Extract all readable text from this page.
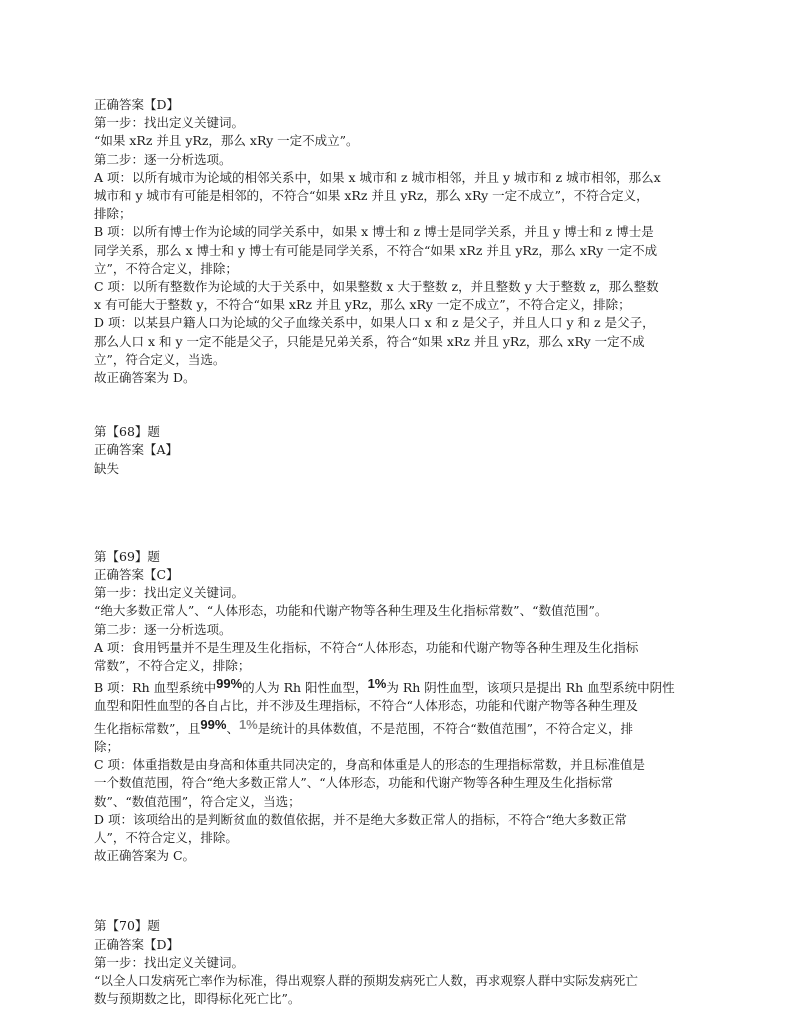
正确答案【D】
第一步：找出定义关键词。
“如果 xRz 并且 yRz，那么 xRy 一定不成立”。
第二步：逐一分析选项。
A 项：以所有城市为论域的相邻关系中，如果 x 城市和 z 城市相邻，并且 y 城市和 z 城市相邻，那么x
城市和 y 城市有可能是相邻的，不符合“如果 xRz 并且 yRz，那么 xRy 一定不成立”，不符合定义，
排除；
B 项：以所有博士作为论域的同学关系中，如果 x 博士和 z 博士是同学关系，并且 y 博士和 z 博士是
同学关系，那么 x 博士和 y 博士有可能是同学关系，不符合“如果 xRz 并且 yRz，那么 xRy 一定不成
立”，不符合定义，排除；
C 项：以所有整数作为论域的大于关系中，如果整数 x 大于整数 z，并且整数 y 大于整数 z，那么整数
x 有可能大于整数 y，不符合“如果 xRz 并且 yRz，那么 xRy 一定不成立”，不符合定义，排除；
D 项：以某县户籍人口为论域的父子血缘关系中，如果人口 x 和 z 是父子，并且人口 y 和 z 是父子，
那么人口 x 和 y 一定不能是父子，只能是兄弟关系，符合“如果 xRz 并且 yRz，那么 xRy 一定不成
立”，符合定义，当选。
故正确答案为 D。
第【68】题
正确答案【A】
缺失
第【69】题
正确答案【C】
第一步：找出定义关键词。
“绝大多数正常人”、“人体形态，功能和代谢产物等各种生理及生化指标常数”、“数值范围”。
第二步：逐一分析选项。
A 项：食用钙量并不是生理及生化指标，不符合“人体形态，功能和代谢产物等各种生理及生化指标
常数”，不符合定义，排除；
B 项：Rh 血型系统中99%的人为 Rh 阳性血型，1%为 Rh 阴性血型，该项只是提出 Rh 血型系统中阴性
血型和阳性血型的各自占比，并不涉及生理指标，不符合“人体形态，功能和代谢产物等各种生理及
生化指标常数”，且99%、1%是统计的具体数值，不是范围，不符合“数值范围”，不符合定义，排
除；
C 项：体重指数是由身高和体重共同决定的，身高和体重是人的形态的生理指标常数，并且标准值是
一个数值范围，符合“绝大多数正常人”、“人体形态，功能和代谢产物等各种生理及生化指标常
数”、“数值范围”，符合定义，当选；
D 项：该项给出的是判断贫血的数值依据，并不是绝大多数正常人的指标，不符合“绝大多数正常
人”，不符合定义，排除。
故正确答案为 C。
第【70】题
正确答案【D】
第一步：找出定义关键词。
“以全人口发病死亡率作为标准，得出观察人群的预期发病死亡人数，再求观察人群中实际发病死亡
数与预期数之比，即得标化死亡比”。
